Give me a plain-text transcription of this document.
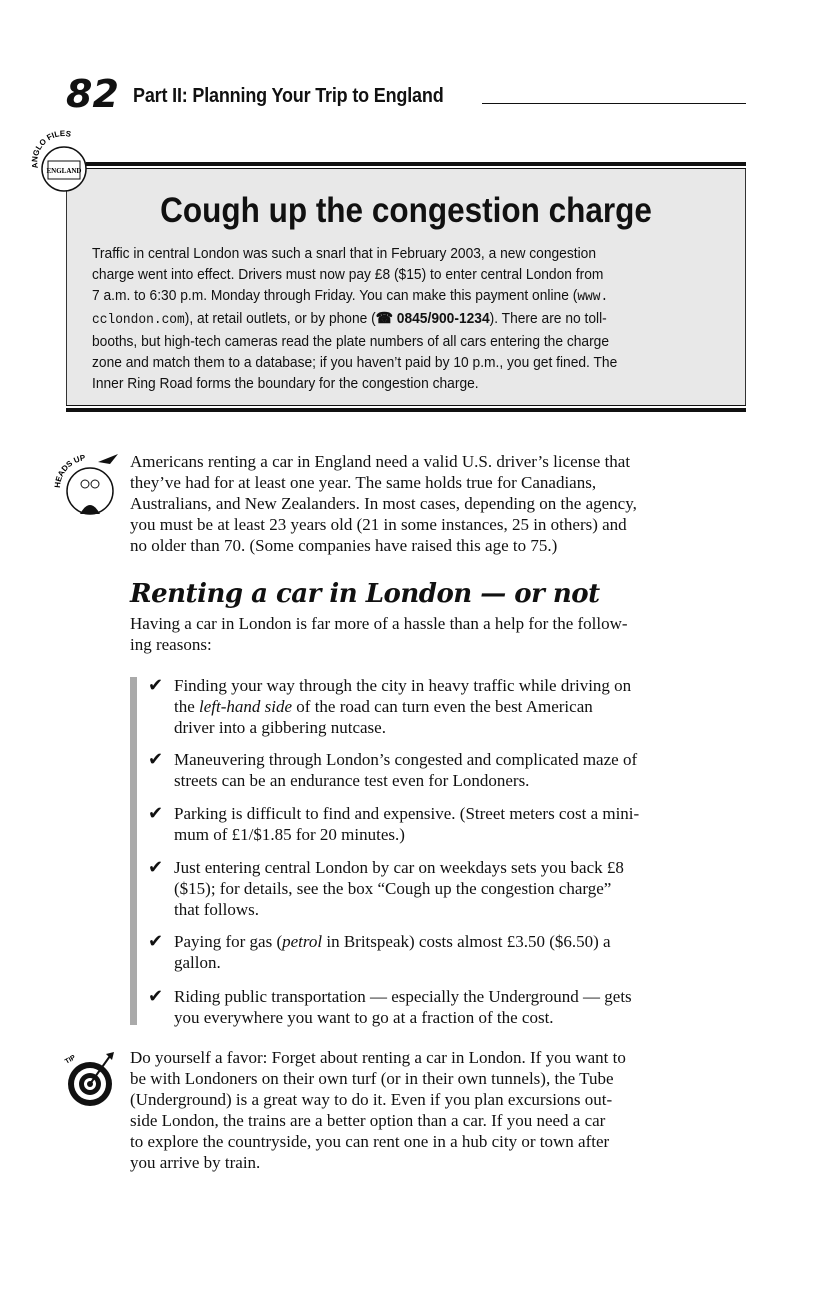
82 Part II: Planning Your Trip to England
ANGLO FILES
ENGLAND
Cough up the congestion charge
Traffic in central London was such a snarl that in February 2003, a new congestion
charge went into effect. Drivers must now pay £8 ($15) to enter central London from
7 a.m. to 6:30 p.m. Monday through Friday. You can make this payment online (www.
cclondon.com), at retail outlets, or by phone (☎ 0845/900-1234). There are no toll-
booths, but high-tech cameras read the plate numbers of all cars entering the charge
zone and match them to a database; if you haven’t paid by 10 p.m., you get fined. The
Inner Ring Road forms the boundary for the congestion charge.
HEADS UP	Americans renting a car in England need a valid U.S. driver’s license that
they’ve had for at least one year. The same holds true for Canadians,
Australians, and New Zealanders. In most cases, depending on the agency,
you must be at least 23 years old (21 in some instances, 25 in others) and
no older than 70. (Some companies have raised this age to 75.)
Renting a car in London — or not
Having a car in London is far more of a hassle than a help for the follow-
ing reasons:
✔ Finding your way through the city in heavy traffic while driving on
the left-hand side of the road can turn even the best American
driver into a gibbering nutcase.
✔ Maneuvering through London’s congested and complicated maze of
streets can be an endurance test even for Londoners.
✔ Parking is difficult to find and expensive. (Street meters cost a mini-
mum of £1/$1.85 for 20 minutes.)
✔ Just entering central London by car on weekdays sets you back £8
($15); for details, see the box “Cough up the congestion charge”
that follows.
✔ Paying for gas (petrol in Britspeak) costs almost £3.50 ($6.50) a
gallon.
✔ Riding public transportation — especially the Underground — gets
you everywhere you want to go at a fraction of the cost.
TIP	Do yourself a favor: Forget about renting a car in London. If you want to
be with Londoners on their own turf (or in their own tunnels), the Tube
(Underground) is a great way to do it. Even if you plan excursions out-
side London, the trains are a better option than a car. If you need a car
to explore the countryside, you can rent one in a hub city or town after
you arrive by train.
